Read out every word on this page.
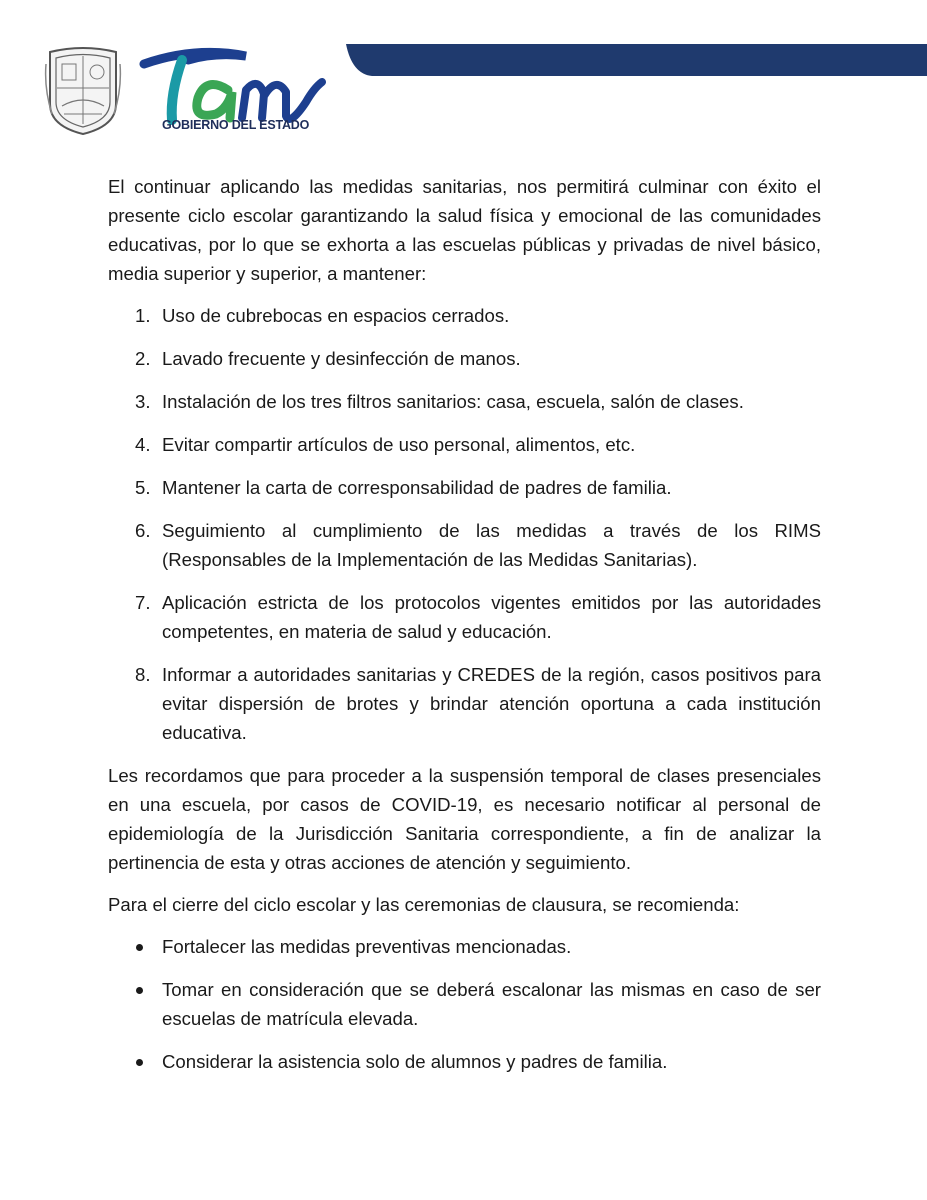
GOBIERNO DEL ESTADO

El continuar aplicando las medidas sanitarias, nos permitirá culminar con éxito el presente ciclo escolar garantizando la salud física y emocional de las comunidades educativas, por lo que se exhorta a las escuelas públicas y privadas de nivel básico, media superior y superior, a mantener:

1. Uso de cubrebocas en espacios cerrados.
2. Lavado frecuente y desinfección de manos.
3. Instalación de los tres filtros sanitarios: casa, escuela, salón de clases.
4. Evitar compartir artículos de uso personal, alimentos, etc.
5. Mantener la carta de corresponsabilidad de padres de familia.
6. Seguimiento al cumplimiento de las medidas a través de los RIMS (Responsables de la Implementación de las Medidas Sanitarias).
7. Aplicación estricta de los protocolos vigentes emitidos por las autoridades competentes, en materia de salud y educación.
8. Informar a autoridades sanitarias y CREDES de la región, casos positivos para evitar dispersión de brotes y brindar atención oportuna a cada institución educativa.

Les recordamos que para proceder a la suspensión temporal de clases presenciales en una escuela, por casos de COVID-19, es necesario notificar al personal de epidemiología de la Jurisdicción Sanitaria correspondiente, a fin de analizar la pertinencia de esta y otras acciones de atención y seguimiento.

Para el cierre del ciclo escolar y las ceremonias de clausura, se recomienda:

Fortalecer las medidas preventivas mencionadas.
Tomar en consideración que se deberá escalonar las mismas en caso de ser escuelas de matrícula elevada.
Considerar la asistencia solo de alumnos y padres de familia.
